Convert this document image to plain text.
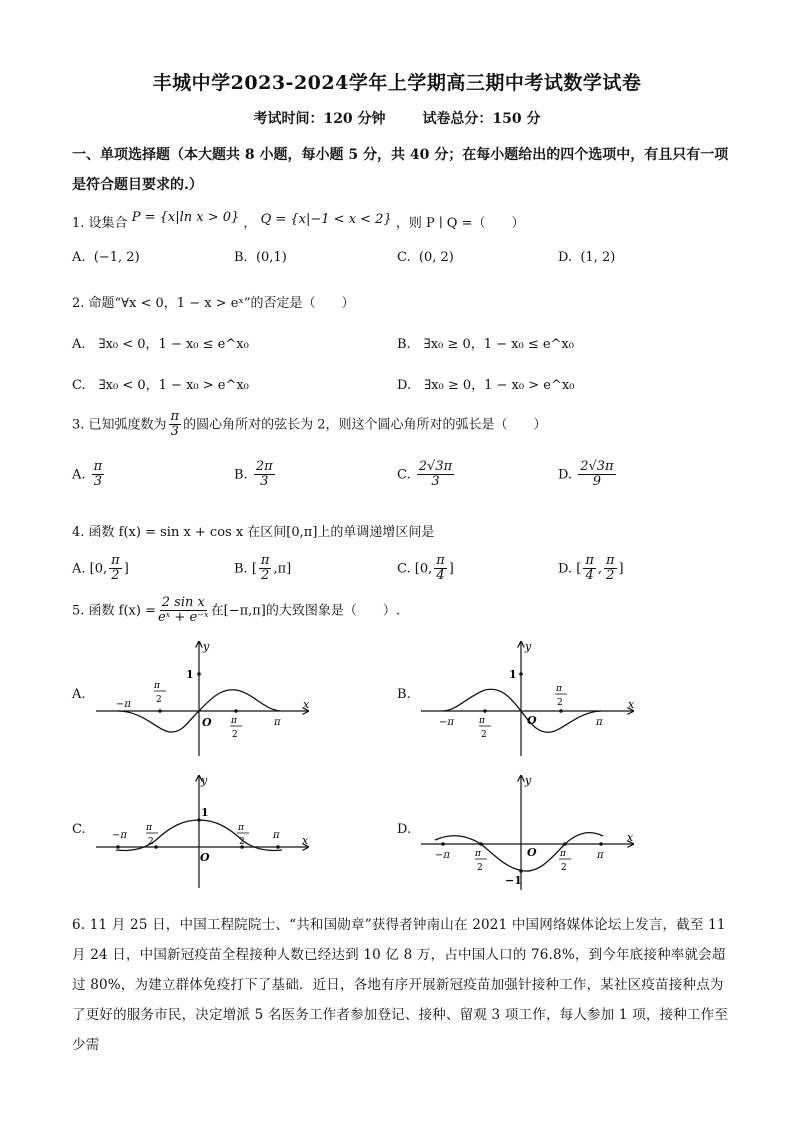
丰城中学2023-2024学年上学期高三期中考试数学试卷
考试时间：120 分钟	试卷总分：150 分
一、单项选择题（本大题共 8 小题，每小题 5 分，共 40 分；在每小题给出的四个选项中，有且只有一项是符合题目要求的.）
1. 设集合 P = {x|ln x > 0} ， Q = {x|−1 < x < 2} ，则 P ∣ Q =（　　）
A. (−1, 2)	B. (0,1)	C. (0, 2)	D. (1, 2)
2. 命题“∀x < 0，1 − x > eˣ”的否定是（　　）
A.　∃x₀ < 0，1 − x₀ ≤ e^x₀	B.　∃x₀ ≥ 0，1 − x₀ ≤ e^x₀
C.　∃x₀ < 0，1 − x₀ > e^x₀	D.　∃x₀ ≥ 0，1 − x₀ > e^x₀
3. 已知弧度数为 $\frac{\pi}{3}$ 的圆心角所对的弦长为 2，则这个圆心角所对的弧长是（　　）
A. $\frac{\pi}{3}$	B. $\frac{2\pi}{3}$	C. $\frac{2√3\pi}{3}$	D. $\frac{2√3\pi}{9}$
4. 函数 f(x) = sin x + cos x 在区间[0,π]上的单调递增区间是
A. [0, $\frac{\pi}{2}$ ]	B. [ $\frac{\pi}{2} ,\pi$]	C. [0, $\frac{\pi}{4}$ ]	D. [ $\frac{\pi}{4}$ , $\frac{\pi}{2}$ ]
5. 函数 $f(x) = \frac{\text{2 sin x}}{\text{eˣ + e⁻ˣ}}$ 在[−π,π]的大致图象是（　　）.
A.	B.
C.	D.
1
y
x
O
−π
π
π
2
π
2
1
y
x
O
−π	π
π
2
π
2
1
y
x
O
−π	π
π
2
π
2
−1
y
x
O
−π	π
π
2
π
2
6. 11 月 25 日，中国工程院院士、“共和国勋章”获得者钟南山在 2021 中国网络媒体论坛上发言，截至 11 月 24 日，中国新冠疫苗全程接种人数已经达到 10 亿 8 万，占中国人口的 76.8%，到今年底接种率就会超过 80%，为建立群体免疫打下了基础．近日，各地有序开展新冠疫苗加强针接种工作，某社区疫苗接种点为了更好的服务市民，决定增派 5 名医务工作者参加登记、接种、留观 3 项工作，每人参加 1 项，接种工作至少需
